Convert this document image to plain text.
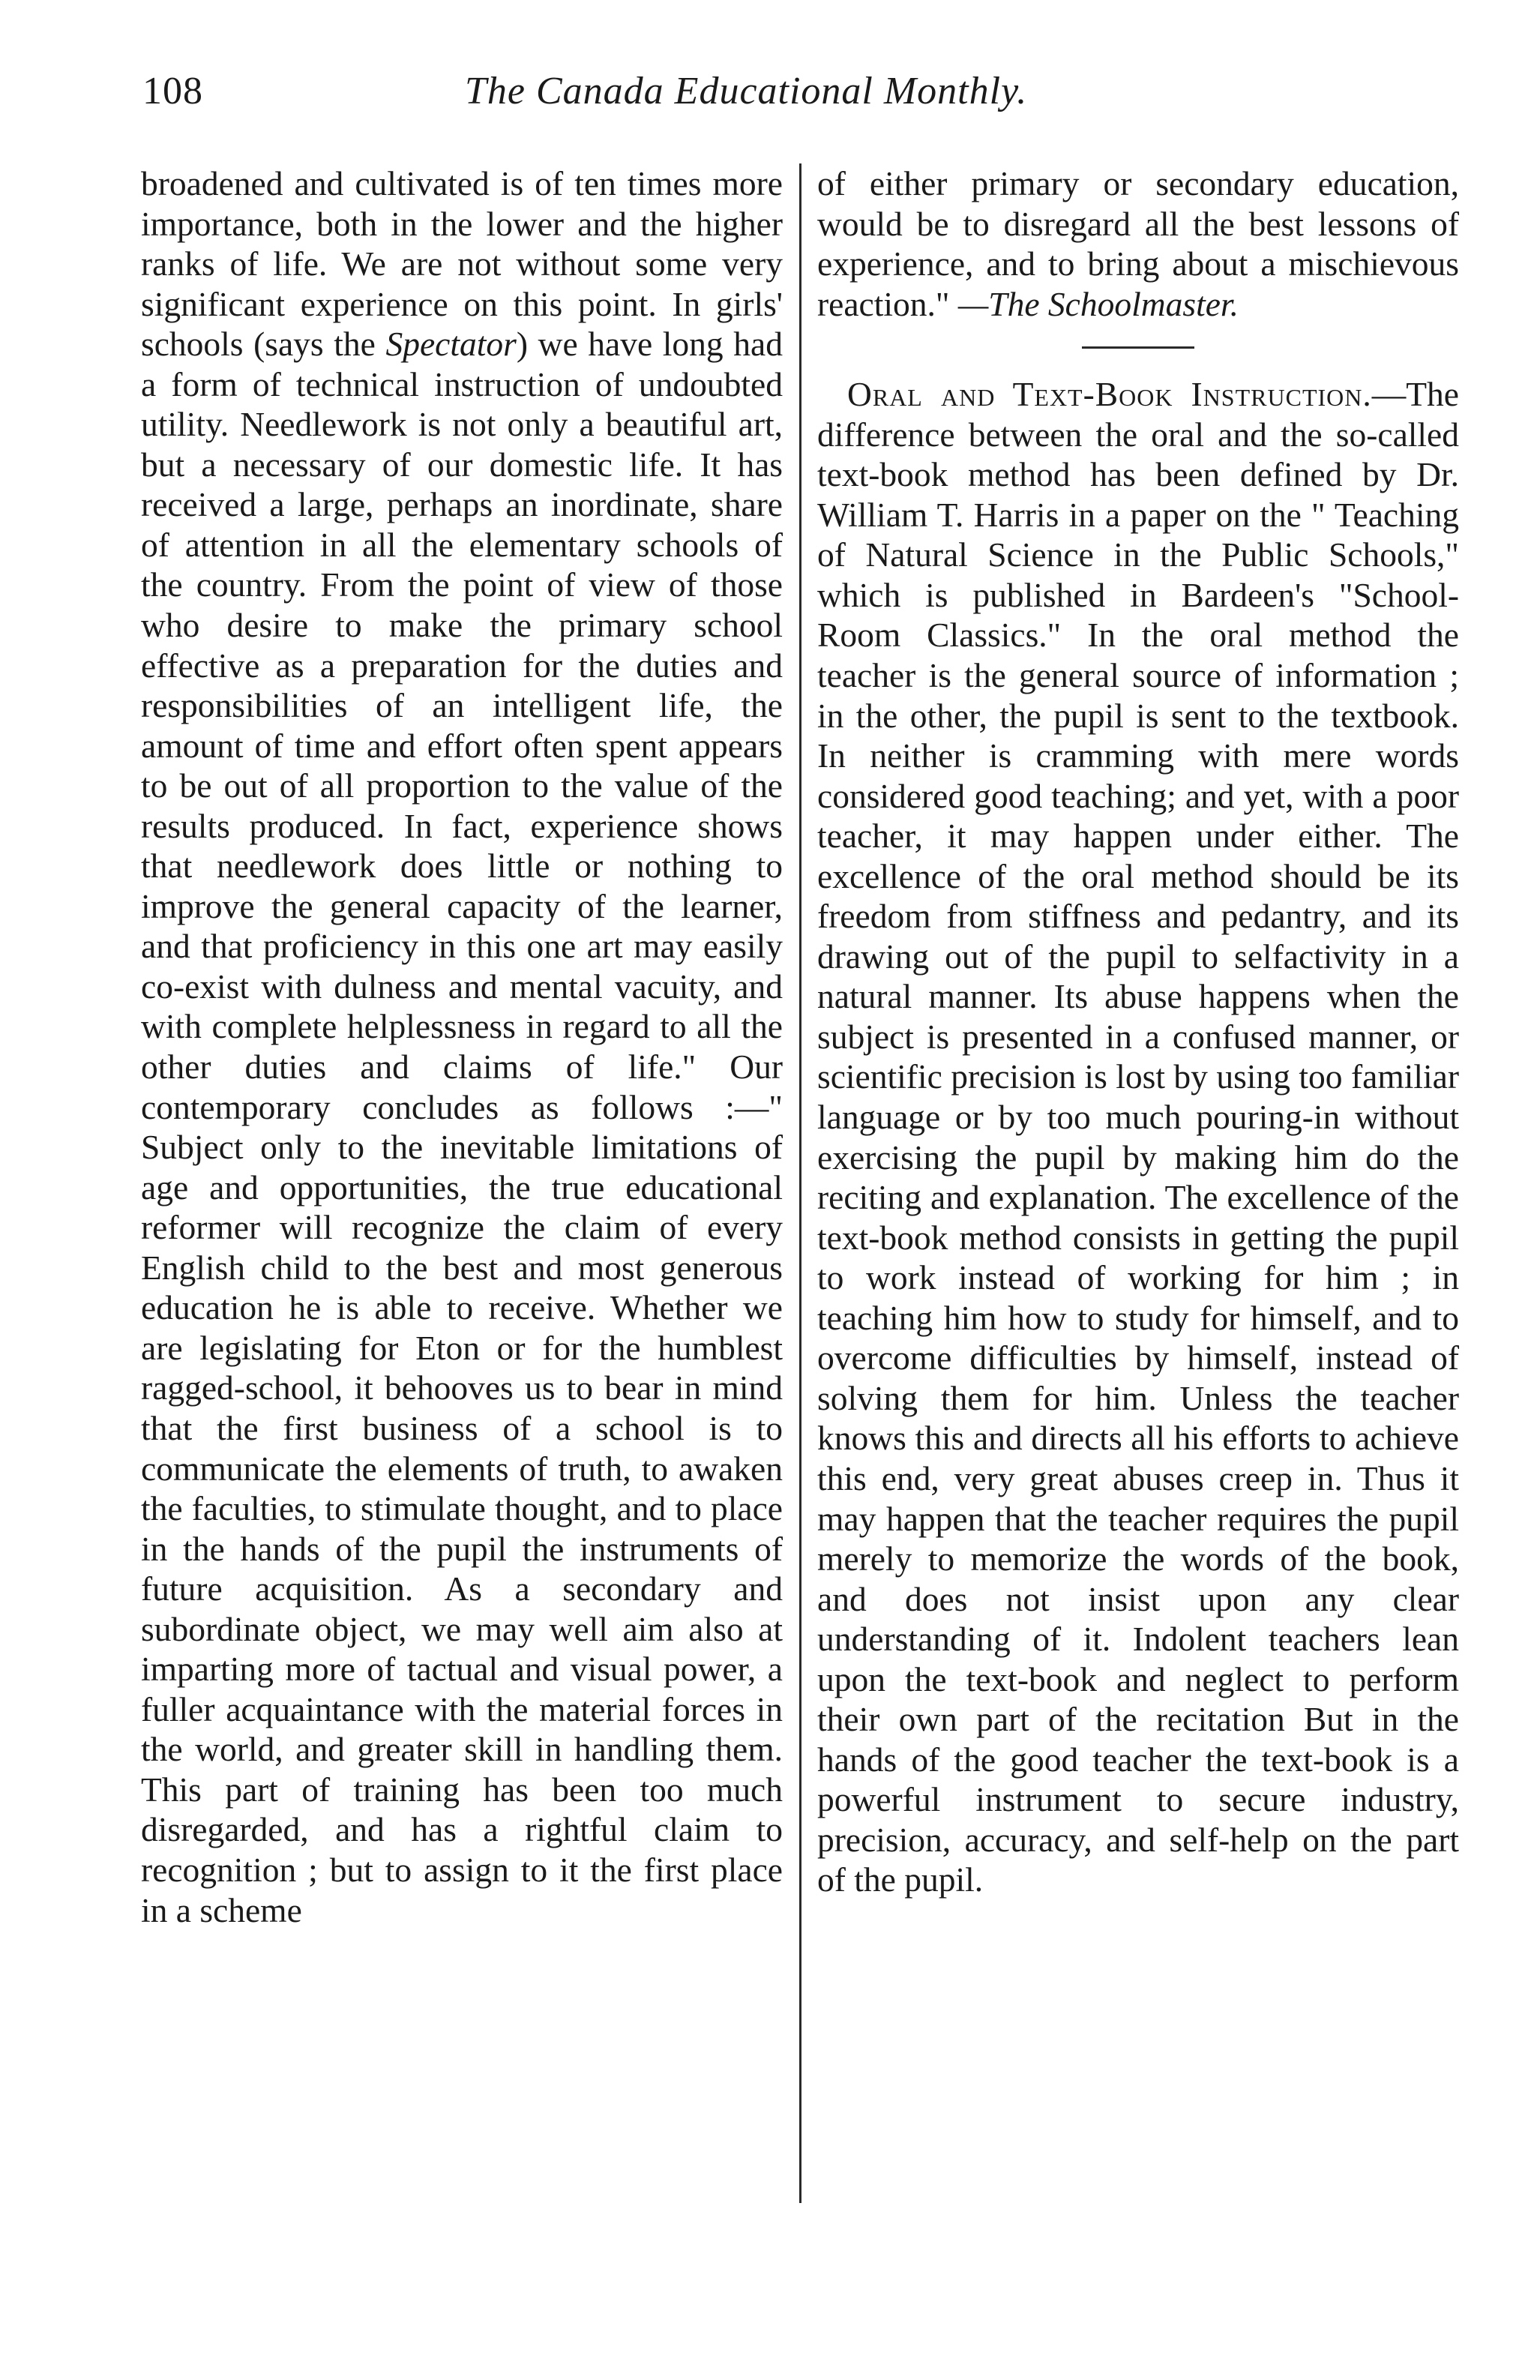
108	The Canada Educational Monthly.

broadened and cultivated is of ten times more importance, both in the lower and the higher ranks of life. We are not without some very significant experience on this point. In girls' schools (says the Spectator) we have long had a form of technical instruction of undoubted utility. Needlework is not only a beautiful art, but a necessary of our domestic life. It has received a large, perhaps an inordinate, share of attention in all the elementary schools of the country. From the point of view of those who desire to make the primary school effective as a preparation for the duties and responsibilities of an intelligent life, the amount of time and effort often spent appears to be out of all proportion to the value of the results produced. In fact, experience shows that needlework does little or nothing to improve the general capacity of the learner, and that proficiency in this one art may easily co-exist with dulness and mental vacuity, and with complete helplessness in regard to all the other duties and claims of life." Our contemporary concludes as follows :—" Subject only to the inevitable limitations of age and opportunities, the true educational reformer will recognize the claim of every English child to the best and most generous education he is able to receive. Whether we are legislating for Eton or for the humblest ragged-school, it behooves us to bear in mind that the first business of a school is to communicate the elements of truth, to awaken the faculties, to stimulate thought, and to place in the hands of the pupil the instruments of future acquisition. As a secondary and subordinate object, we may well aim also at imparting more of tactual and visual power, a fuller acquaintance with the material forces in the world, and greater skill in handling them. This part of training has been too much disregarded, and has a rightful claim to recognition ; but to assign to it the first place in a scheme

of either primary or secondary education, would be to disregard all the best lessons of experience, and to bring about a mischievous reaction." —The Schoolmaster.

Oral and Text-Book Instruction.—The difference between the oral and the so-called text-book method has been defined by Dr. William T. Harris in a paper on the " Teaching of Natural Science in the Public Schools," which is published in Bardeen's "School-Room Classics." In the oral method the teacher is the general source of information ; in the other, the pupil is sent to the textbook. In neither is cramming with mere words considered good teaching; and yet, with a poor teacher, it may happen under either. The excellence of the oral method should be its freedom from stiffness and pedantry, and its drawing out of the pupil to selfactivity in a natural manner. Its abuse happens when the subject is presented in a confused manner, or scientific precision is lost by using too familiar language or by too much pouring-in without exercising the pupil by making him do the reciting and explanation. The excellence of the text-book method consists in getting the pupil to work instead of working for him ; in teaching him how to study for himself, and to overcome difficulties by himself, instead of solving them for him. Unless the teacher knows this and directs all his efforts to achieve this end, very great abuses creep in. Thus it may happen that the teacher requires the pupil merely to memorize the words of the book, and does not insist upon any clear understanding of it. Indolent teachers lean upon the text-book and neglect to perform their own part of the recitation But in the hands of the good teacher the text-book is a powerful instrument to secure industry, precision, accuracy, and self-help on the part of the pupil.
